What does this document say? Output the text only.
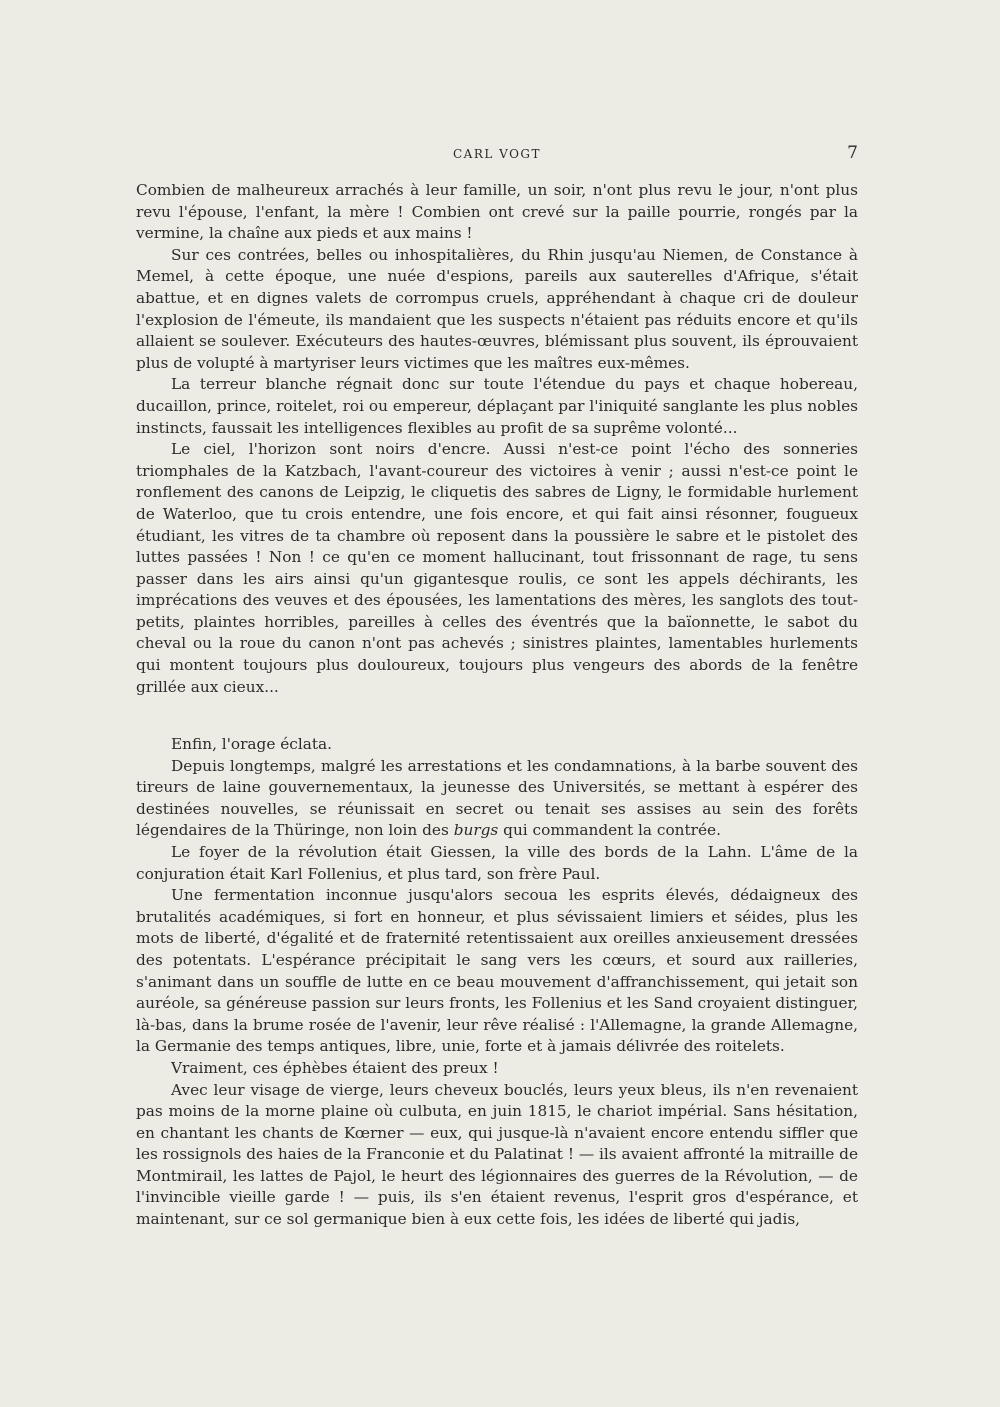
CARL VOGT	7

Combien de malheureux arrachés à leur famille, un soir, n'ont plus revu le jour, n'ont plus revu l'épouse, l'enfant, la mère ! Combien ont crevé sur la paille pourrie, rongés par la vermine, la chaîne aux pieds et aux mains !

Sur ces contrées, belles ou inhospitalières, du Rhin jusqu'au Niemen, de Constance à Memel, à cette époque, une nuée d'espions, pareils aux sauterelles d'Afrique, s'était abattue, et en dignes valets de corrompus cruels, appréhendant à chaque cri de douleur l'explosion de l'émeute, ils mandaient que les suspects n'étaient pas réduits encore et qu'ils allaient se soulever. Exécuteurs des hautes-œuvres, blémissant plus souvent, ils éprouvaient plus de volupté à martyriser leurs victimes que les maîtres eux-mêmes.

La terreur blanche régnait donc sur toute l'étendue du pays et chaque hobereau, ducaillon, prince, roitelet, roi ou empereur, déplaçant par l'iniquité sanglante les plus nobles instincts, faussait les intelligences flexibles au profit de sa suprême volonté...

Le ciel, l'horizon sont noirs d'encre. Aussi n'est-ce point l'écho des sonneries triomphales de la Katzbach, l'avant-coureur des victoires à venir ; aussi n'est-ce point le ronflement des canons de Leipzig, le cliquetis des sabres de Ligny, le formidable hurlement de Waterloo, que tu crois entendre, une fois encore, et qui fait ainsi résonner, fougueux étudiant, les vitres de ta chambre où reposent dans la poussière le sabre et le pistolet des luttes passées ! Non ! ce qu'en ce moment hallucinant, tout frissonnant de rage, tu sens passer dans les airs ainsi qu'un gigantesque roulis, ce sont les appels déchirants, les imprécations des veuves et des épousées, les lamentations des mères, les sanglots des tout-petits, plaintes horribles, pareilles à celles des éventrés que la baïonnette, le sabot du cheval ou la roue du canon n'ont pas achevés ; sinistres plaintes, lamentables hurlements qui montent toujours plus douloureux, toujours plus vengeurs des abords de la fenêtre grillée aux cieux...

Enfin, l'orage éclata.

Depuis longtemps, malgré les arrestations et les condamnations, à la barbe souvent des tireurs de laine gouvernementaux, la jeunesse des Universités, se mettant à espérer des destinées nouvelles, se réunissait en secret ou tenait ses assises au sein des forêts légendaires de la Thüringe, non loin des burgs qui commandent la contrée.

Le foyer de la révolution était Giessen, la ville des bords de la Lahn. L'âme de la conjuration était Karl Follenius, et plus tard, son frère Paul.

Une fermentation inconnue jusqu'alors secoua les esprits élevés, dédaigneux des brutalités académiques, si fort en honneur, et plus sévissaient limiers et séides, plus les mots de liberté, d'égalité et de fraternité retentissaient aux oreilles anxieusement dressées des potentats. L'espérance précipitait le sang vers les cœurs, et sourd aux railleries, s'animant dans un souffle de lutte en ce beau mouvement d'affranchissement, qui jetait son auréole, sa généreuse passion sur leurs fronts, les Follenius et les Sand croyaient distinguer, là-bas, dans la brume rosée de l'avenir, leur rêve réalisé : l'Allemagne, la grande Allemagne, la Germanie des temps antiques, libre, unie, forte et à jamais délivrée des roitelets.

Vraiment, ces éphèbes étaient des preux !

Avec leur visage de vierge, leurs cheveux bouclés, leurs yeux bleus, ils n'en revenaient pas moins de la morne plaine où culbuta, en juin 1815, le chariot impérial. Sans hésitation, en chantant les chants de Kœrner — eux, qui jusque-là n'avaient encore entendu siffler que les rossignols des haies de la Franconie et du Palatinat ! — ils avaient affronté la mitraille de Montmirail, les lattes de Pajol, le heurt des légionnaires des guerres de la Révolution, — de l'invincible vieille garde ! — puis, ils s'en étaient revenus, l'esprit gros d'espérance, et maintenant, sur ce sol germanique bien à eux cette fois, les idées de liberté qui jadis,
